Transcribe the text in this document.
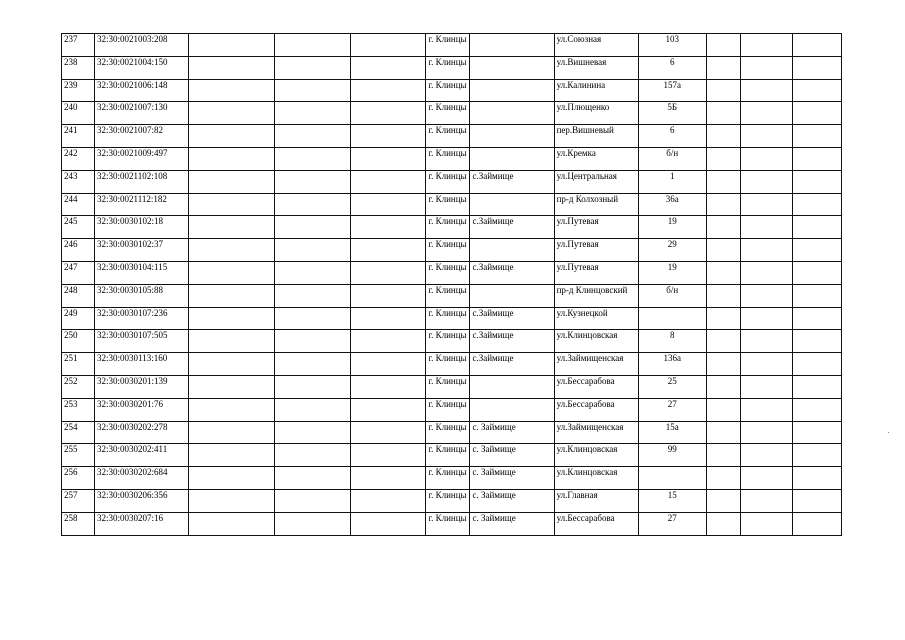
237	32:30:0021003:208				г. Клинцы		ул.Союзная	103			
238	32:30:0021004:150				г. Клинцы		ул.Вишневая	6			
239	32:30:0021006:148				г. Клинцы		ул.Калинина	157а			
240	32:30:0021007:130				г. Клинцы		ул.Плющенко	5Б			
241	32:30:0021007:82				г. Клинцы		пер.Вишневый	6			
242	32:30:0021009:497				г. Клинцы		ул.Кремка	б/н			
243	32:30:0021102:108				г. Клинцы	с.Займище	ул.Центральная	1			
244	32:30:0021112:182				г. Клинцы		пр-д Колхозный	36а			
245	32:30:0030102:18				г. Клинцы	с.Займище	ул.Путевая	19			
246	32:30:0030102:37				г. Клинцы		ул.Путевая	29			
247	32:30:0030104:115				г. Клинцы	с.Займище	ул.Путевая	19			
248	32:30:0030105:88				г. Клинцы		пр-д Клинцовский	б/н			
249	32:30:0030107:236				г. Клинцы	с.Займище	ул.Кузнецкой				
250	32:30:0030107:505				г. Клинцы	с.Займище	ул.Клинцовская	8			
251	32:30:0030113:160				г. Клинцы	с.Займище	ул.Займищенская	136а			
252	32:30:0030201:139				г. Клинцы		ул.Бессарабова	25			
253	32:30:0030201:76				г. Клинцы		ул.Бессарабова	27			
254	32:30:0030202:278				г. Клинцы	с. Займище	ул.Займищенская	15а			
255	32:30:0030202:411				г. Клинцы	с. Займище	ул.Клинцовская	99			
256	32:30:0030202:684				г. Клинцы	с. Займище	ул.Клинцовская				
257	32:30:0030206:356				г. Клинцы	с. Займище	ул.Главная	15			
258	32:30:0030207:16				г. Клинцы	с. Займище	ул.Бессарабова	27			
